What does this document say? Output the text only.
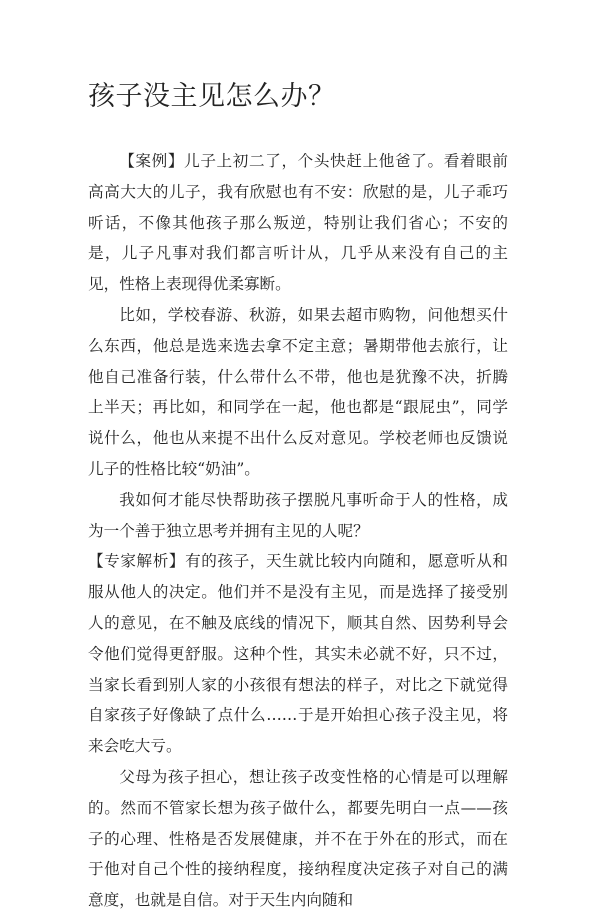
孩子没主见怎么办？

【案例】儿子上初二了，个头快赶上他爸了。看着眼前高高大大的儿子，我有欣慰也有不安：欣慰的是，儿子乖巧听话，不像其他孩子那么叛逆，特别让我们省心；不安的是，儿子凡事对我们都言听计从，几乎从来没有自己的主见，性格上表现得优柔寡断。

比如，学校春游、秋游，如果去超市购物，问他想买什么东西，他总是选来选去拿不定主意；暑期带他去旅行，让他自己准备行装，什么带什么不带，他也是犹豫不决，折腾上半天；再比如，和同学在一起，他也都是“跟屁虫”，同学说什么，他也从来提不出什么反对意见。学校老师也反馈说儿子的性格比较“奶油”。

我如何才能尽快帮助孩子摆脱凡事听命于人的性格，成为一个善于独立思考并拥有主见的人呢？

【专家解析】有的孩子，天生就比较内向随和，愿意听从和服从他人的决定。他们并不是没有主见，而是选择了接受别人的意见，在不触及底线的情况下，顺其自然、因势利导会令他们觉得更舒服。这种个性，其实未必就不好，只不过，当家长看到别人家的小孩很有想法的样子，对比之下就觉得自家孩子好像缺了点什么……于是开始担心孩子没主见，将来会吃大亏。

父母为孩子担心，想让孩子改变性格的心情是可以理解的。然而不管家长想为孩子做什么，都要先明白一点——孩子的心理、性格是否发展健康，并不在于外在的形式，而在于他对自己个性的接纳程度，接纳程度决定孩子对自己的满意度，也就是自信。对于天生内向随和
